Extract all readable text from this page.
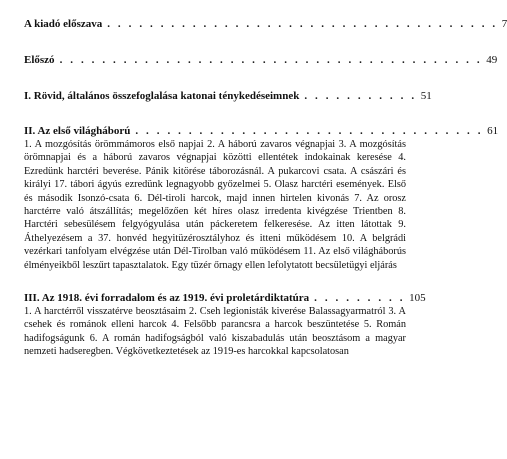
A kiadó előszava . . . . . . . . . . . . . . . . . . . . . . . . . . . . . . . . . . . . . 7
Előszó . . . . . . . . . . . . . . . . . . . . . . . . . . . . . . . . . . . . . . . . 49
I. Rövid, általános összefoglalása katonai ténykedéseimnek . . . . . . . . . . . 51
II. Az első világháború . . . . . . . . . . . . . . . . . . . . . . . . . . . . . . . . . 61

1. A mozgósítás örömmámoros első napjai 2. A háború zavaros végnapjai 3. A mozgósítás örömnapjai és a háború zavaros végnapjai közötti ellentétek indokainak keresése 4. Ezredünk harctéri beverése. Pánik kitörése táborozásnál. A pukarcovi csata. A császári és királyi 17. tábori ágyús ezredünk legnagyobb győzelmei 5. Olasz harctéri események. Első és második Isonzó-csata 6. Dél-tiroli harcok, majd innen hirtelen kivonás 7. Az orosz harctérre való átszállítás; megelőzően két híres olasz irredenta kivégzése Trientben 8. Harctéri sebesülésem felgyógyulása után páckeretem felkeresése. Az itten látottak 9. Áthelyezésem a 37. honvéd hegyitüzérosztályhoz és itteni működésem 10. A belgrádi vezérkari tanfolyam elvégzése után Dél-Tirolban való működésem 11. Az első világháborús élményeikből leszűrt tapasztalatok. Egy tüzér őrnagy ellen lefolytatott becsületügyi eljárás

III. Az 1918. évi forradalom és az 1919. évi proletárdiktatúra . . . . . . . . . 105

1. A harctérről visszatérve beosztásaim 2. Cseh legionisták kiverése Balassagyarmatról 3. A csehek és románok elleni harcok 4. Felsőbb parancsra a harcok beszüntetése 5. Román hadifogságunk 6. A román hadifogságból való kiszabadulás után beosztásom a magyar nemzeti hadseregben. Végkövetkeztetések az 1919-es harcokkal kapcsolatosan
